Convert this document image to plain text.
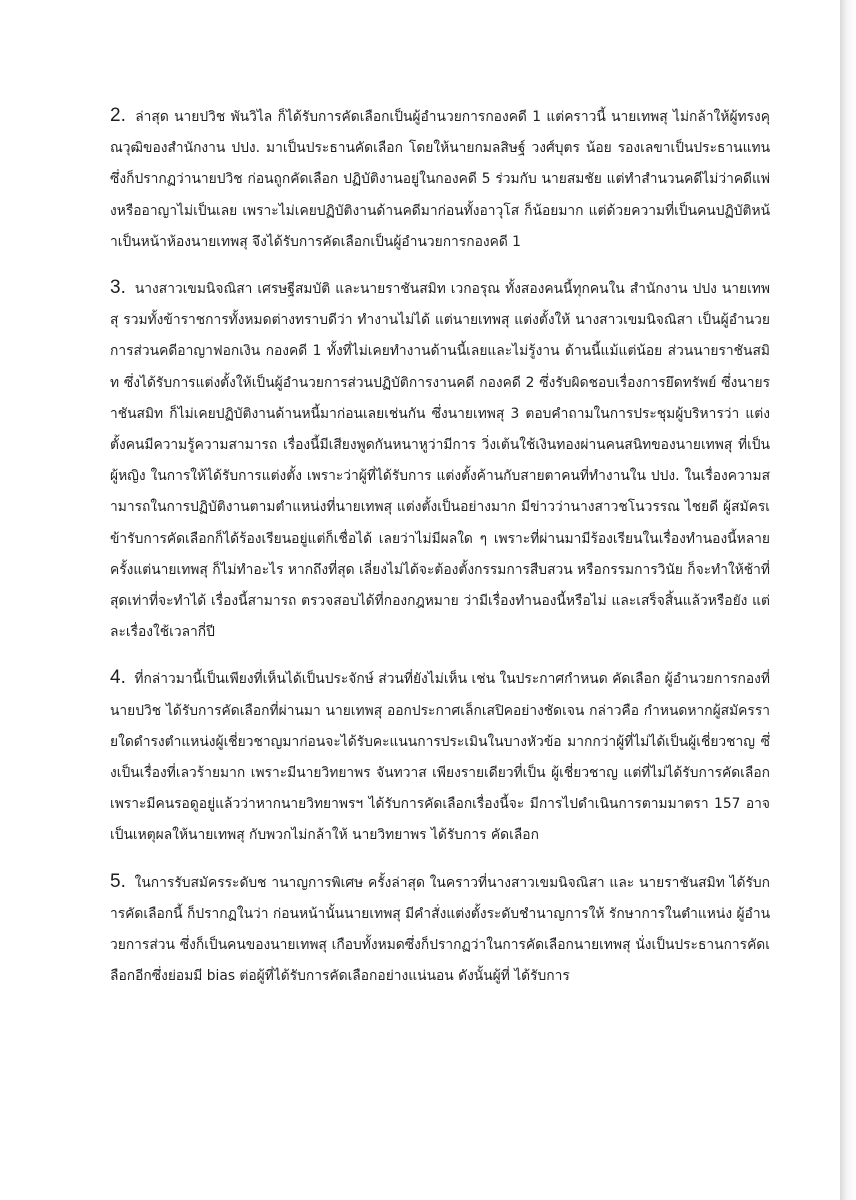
2. ล่าสุด นายปวิช พันวิไล ก็ได้รับการคัดเลือกเป็นผู้อำนวยการกองคดี 1 แต่คราวนี้ นายเทพสุ ไม่กล้าให้ผู้ทรงคุณวุฒิของสำนักงาน ปปง. มาเป็นประธานคัดเลือก โดยให้นายกมลสิษฐ์ วงศ์บุตร น้อย รองเลขาเป็นประธานแทน ซึ่งก็ปรากฏว่านายปวิช ก่อนถูกคัดเลือก ปฏิบัติงานอยู่ในกองคดี 5 ร่วมกับ นายสมชัย แต่ทำสำนวนคดีไม่ว่าคดีแพ่งหรืออาญาไม่เป็นเลย เพราะไม่เคยปฏิบัติงานด้านคดีมาก่อนทั้งอาวุโส ก็น้อยมาก แต่ด้วยความที่เป็นคนปฏิบัติหน้าเป็นหน้าห้องนายเทพสุ จึงได้รับการคัดเลือกเป็นผู้อำนวยการกองคดี 1

3. นางสาวเขมนิจณิสา เศรษฐีสมบัติ และนายราชันสมิท เวกอรุณ ทั้งสองคนนี้ทุกคนใน สำนักงาน ปปง นายเทพสุ รวมทั้งข้าราชการทั้งหมดต่างทราบดีว่า ทำงานไม่ได้ แต่นายเทพสุ แต่งตั้งให้ นางสาวเขมนิจณิสา เป็นผู้อำนวยการส่วนคดีอาญาฟอกเงิน กองคดี 1 ทั้งที่ไม่เคยทำงานด้านนี้เลยและไม่รู้งาน ด้านนี้แม้แต่น้อย ส่วนนายราชันสมิท ซึ่งได้รับการแต่งตั้งให้เป็นผู้อำนวยการส่วนปฏิบัติการงานคดี กองคดี 2 ซึ่งรับผิดชอบเรื่องการยึดทรัพย์ ซึ่งนายราชันสมิท ก็ไม่เคยปฏิบัติงานด้านหนี้มาก่อนเลยเช่นกัน ซึ่งนายเทพสุ 3 ตอบคำถามในการประชุมผู้บริหารว่า แต่งตั้งคนมีความรู้ความสามารถ เรื่องนี้มีเสียงพูดกันหนาหูว่ามีการ วิ่งเต้นใช้เงินทองผ่านคนสนิทของนายเทพสุ ที่เป็นผู้หญิง ในการให้ได้รับการแต่งตั้ง เพราะว่าผู้ที่ได้รับการ แต่งตั้งค้านกับสายตาคนที่ทำงานใน ปปง. ในเรื่องความสามารถในการปฏิบัติงานตามตำแหน่งที่นายเทพสุ แต่งตั้งเป็นอย่างมาก มีข่าวว่านางสาวชโนวรรณ ไชยดี ผู้สมัครเข้ารับการคัดเลือกก็ได้ร้องเรียนอยู่แต่ก็เชื่อได้ เลยว่าไม่มีผลใด ๆ เพราะที่ผ่านมามีร้องเรียนในเรื่องทำนองนี้หลายครั้งแต่นายเทพสุ ก็ไม่ทำอะไร หากถึงที่สุด เลี่ยงไม่ได้จะต้องตั้งกรรมการสืบสวน หรือกรรมการวินัย ก็จะทำให้ช้าที่สุดเท่าที่จะทำได้ เรื่องนี้สามารถ ตรวจสอบได้ที่กองกฎหมาย ว่ามีเรื่องทำนองนี้หรือไม่ และเสร็จสิ้นแล้วหรือยัง แต่ละเรื่องใช้เวลากี่ปี

4. ที่กล่าวมานี้เป็นเพียงที่เห็นได้เป็นประจักษ์ ส่วนที่ยังไม่เห็น เช่น ในประกาศกำหนด คัดเลือก ผู้อำนวยการกองที่นายปวิช ได้รับการคัดเลือกที่ผ่านมา นายเทพสุ ออกประกาศเล็กเสปิคอย่างชัดเจน กล่าวคือ กำหนดหากผู้สมัครรายใดดำรงตำแหน่งผู้เชี่ยวชาญมาก่อนจะได้รับคะแนนการประเมินในบางหัวข้อ มากกว่าผู้ที่ไม่ได้เป็นผู้เชี่ยวชาญ ซึ่งเป็นเรื่องที่เลวร้ายมาก เพราะมีนายวิทยาพร จันทวาส เพียงรายเดียวที่เป็น ผู้เชี่ยวชาญ แต่ที่ไม่ได้รับการคัดเลือก เพราะมีคนรอดูอยู่แล้วว่าหากนายวิทยาพรฯ ได้รับการคัดเลือกเรื่องนี้จะ มีการไปดำเนินการตามมาตรา 157 อาจเป็นเหตุผลให้นายเทพสุ กับพวกไม่กล้าให้ นายวิทยาพร ได้รับการ คัดเลือก

5. ในการรับสมัครระดับช านาญการพิเศษ ครั้งล่าสุด ในคราวที่นางสาวเขมนิจณิสา และ นายราชันสมิท ได้รับการคัดเลือกนี้ ก็ปรากฏในว่า ก่อนหน้านั้นนายเทพสุ มีคำสั่งแต่งตั้งระดับชำนาญการให้ รักษาการในตำแหน่ง ผู้อำนวยการส่วน ซึ่งก็เป็นคนของนายเทพสุ เกือบทั้งหมดซึ่งก็ปรากฏว่าในการคัดเลือกนายเทพสุ นั่งเป็นประธานการคัดเลือกอีกซึ่งย่อมมี bias ต่อผู้ที่ได้รับการคัดเลือกอย่างแน่นอน ดังนั้นผู้ที่ ได้รับการ
